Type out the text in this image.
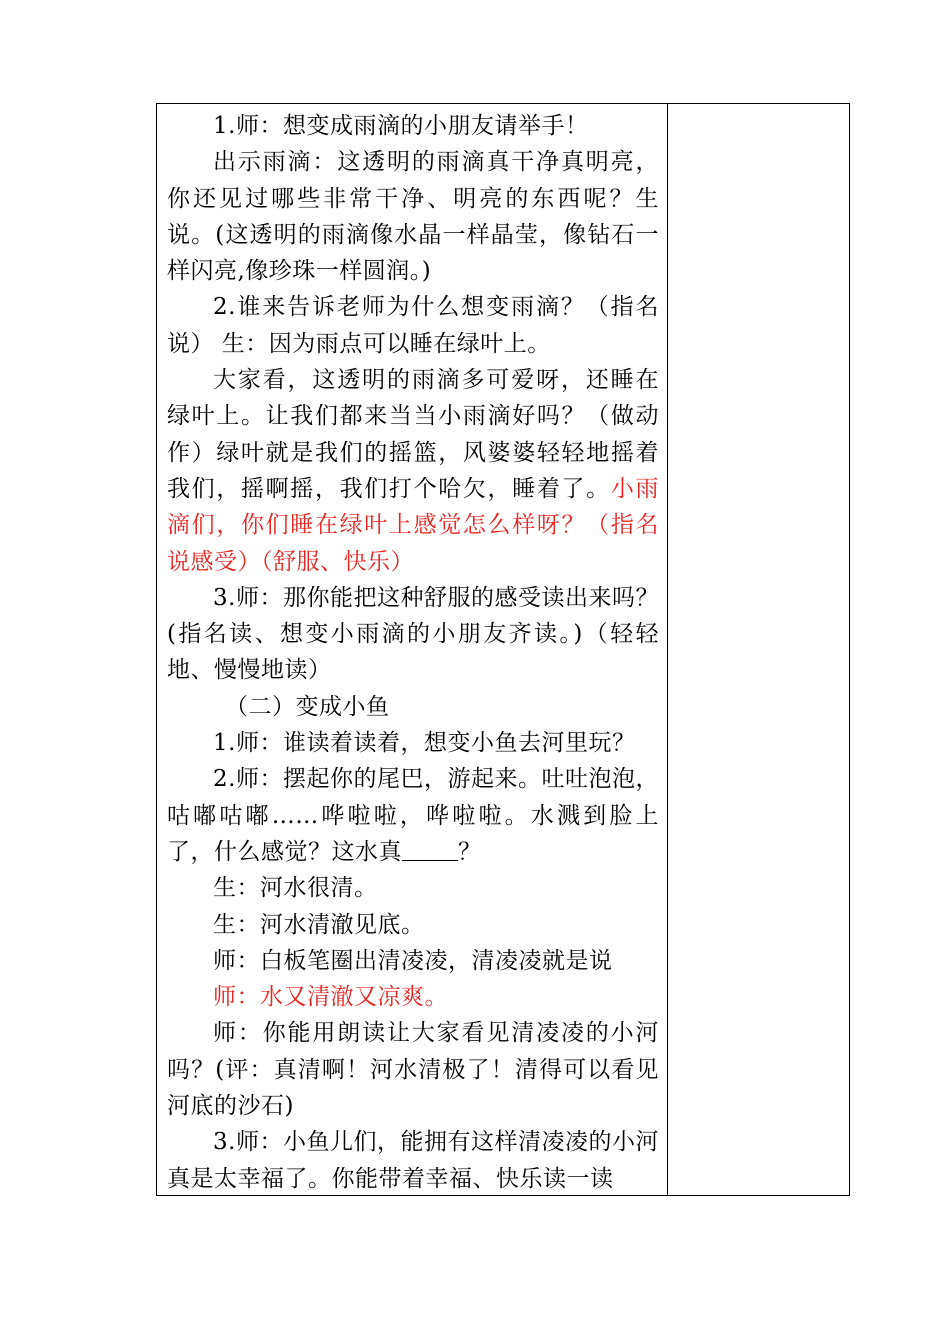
1.师：想变成雨滴的小朋友请举手！

出示雨滴：这透明的雨滴真干净真明亮，你还见过哪些非常干净、明亮的东西呢？生说。(这透明的雨滴像水晶一样晶莹，像钻石一样闪亮,像珍珠一样圆润。)

2.谁来告诉老师为什么想变雨滴？（指名说） 生：因为雨点可以睡在绿叶上。

大家看，这透明的雨滴多可爱呀，还睡在绿叶上。让我们都来当当小雨滴好吗？（做动作）绿叶就是我们的摇篮，风婆婆轻轻地摇着我们，摇啊摇，我们打个哈欠，睡着了。小雨滴们，你们睡在绿叶上感觉怎么样呀？（指名说感受）（舒服、快乐）

3.师：那你能把这种舒服的感受读出来吗？(指名读、想变小雨滴的小朋友齐读。)（轻轻地、慢慢地读）

（二）变成小鱼

1.师：谁读着读着，想变小鱼去河里玩？

2.师：摆起你的尾巴，游起来。吐吐泡泡，咕嘟咕嘟……哗啦啦，哗啦啦。水溅到脸上了，什么感觉？这水真 ？

生：河水很清。

生：河水清澈见底。

师：白板笔圈出清凌凌，清凌凌就是说

师：水又清澈又凉爽。

师：你能用朗读让大家看见清凌凌的小河吗？(评：真清啊！河水清极了！清得可以看见河底的沙石)

3.师：小鱼儿们，能拥有这样清凌凌的小河真是太幸福了。你能带着幸福、快乐读一读
